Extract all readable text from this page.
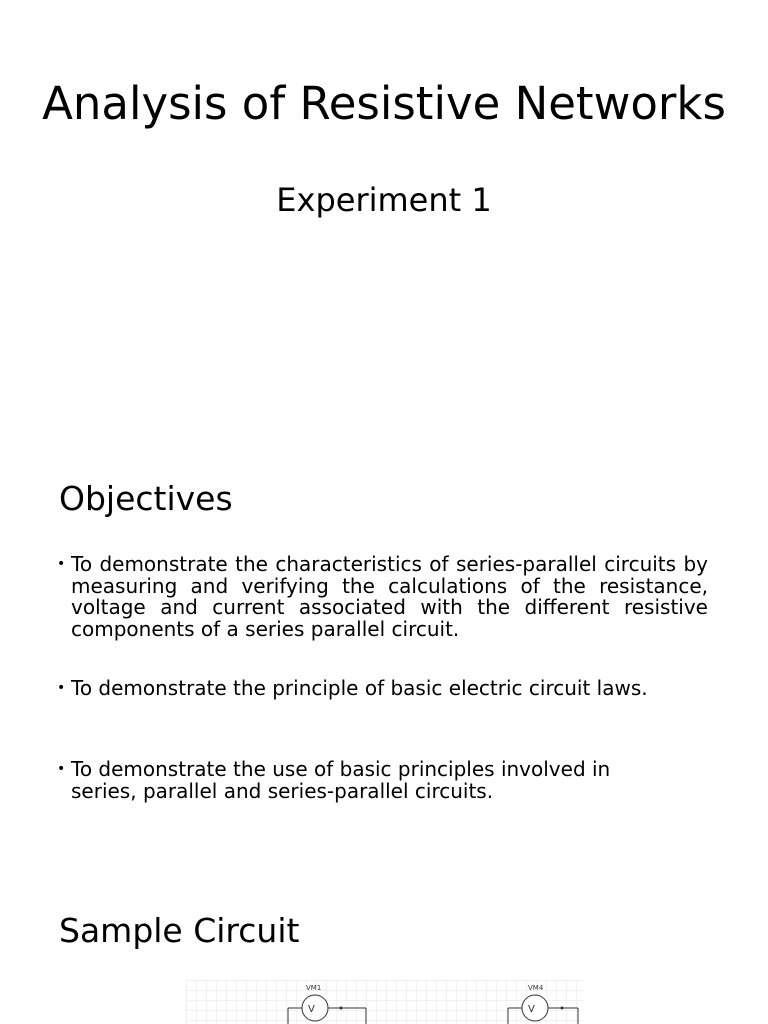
Analysis of Resistive Networks
Experiment 1
Objectives
• To demonstrate the characteristics of series-parallel circuits by measuring and verifying the calculations of the resistance, voltage and current associated with the different resistive components of a series parallel circuit.
• To demonstrate the principle of basic electric circuit laws.
• To demonstrate the use of basic principles involved in series, parallel and series-parallel circuits.
Sample Circuit
VM1
V
VM4
V
